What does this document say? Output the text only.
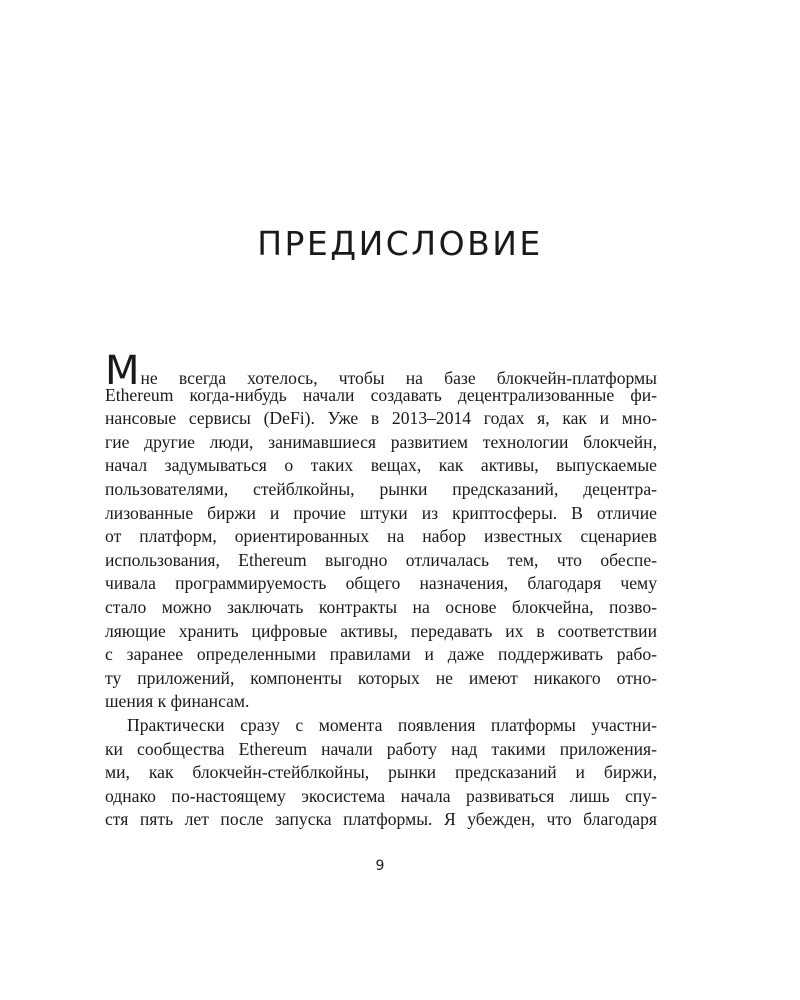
ПРЕДИСЛОВИЕ
Мне всегда хотелось, чтобы на базе блокчейн-платформы
Ethereum когда-нибудь начали создавать децентрализованные фи-
нансовые сервисы (DeFi). Уже в 2013–2014 годах я, как и мно-
гие другие люди, занимавшиеся развитием технологии блокчейн,
начал задумываться о таких вещах, как активы, выпускаемые
пользователями, стейблкойны, рынки предсказаний, децентра-
лизованные биржи и прочие штуки из криптосферы. В отличие
от платформ, ориентированных на набор известных сценариев
использования, Ethereum выгодно отличалась тем, что обеспе-
чивала программируемость общего назначения, благодаря чему
стало можно заключать контракты на основе блокчейна, позво-
ляющие хранить цифровые активы, передавать их в соответствии
с заранее определенными правилами и даже поддерживать рабо-
ту приложений, компоненты которых не имеют никакого отно-
шения к финансам.
Практически сразу с момента появления платформы участни-
ки сообщества Ethereum начали работу над такими приложения-
ми, как блокчейн-стейблкойны, рынки предсказаний и биржи,
однако по-настоящему экосистема начала развиваться лишь спу-
стя пять лет после запуска платформы. Я убежден, что благодаря

9
